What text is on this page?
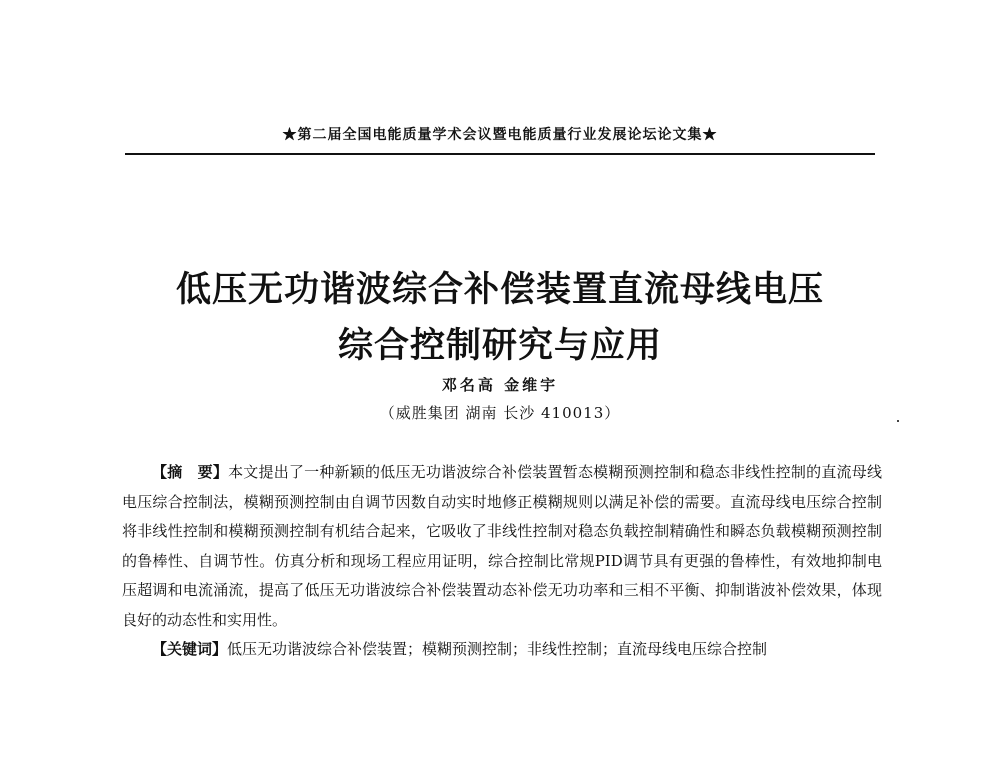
★第二届全国电能质量学术会议暨电能质量行业发展论坛论文集★
低压无功谐波综合补偿装置直流母线电压
综合控制研究与应用
邓名高 金维宇
（威胜集团 湖南 长沙 410013）

【摘　要】本文提出了一种新颖的低压无功谐波综合补偿装置暂态模糊预测控制和稳态非线性控制的直流母线电压综合控制法，模糊预测控制由自调节因数自动实时地修正模糊规则以满足补偿的需要。直流母线电压综合控制将非线性控制和模糊预测控制有机结合起来，它吸收了非线性控制对稳态负载控制精确性和瞬态负载模糊预测控制的鲁棒性、自调节性。仿真分析和现场工程应用证明，综合控制比常规PID调节具有更强的鲁棒性，有效地抑制电压超调和电流涌流，提高了低压无功谐波综合补偿装置动态补偿无功功率和三相不平衡、抑制谐波补偿效果，体现良好的动态性和实用性。

【关键词】低压无功谐波综合补偿装置；模糊预测控制；非线性控制；直流母线电压综合控制
